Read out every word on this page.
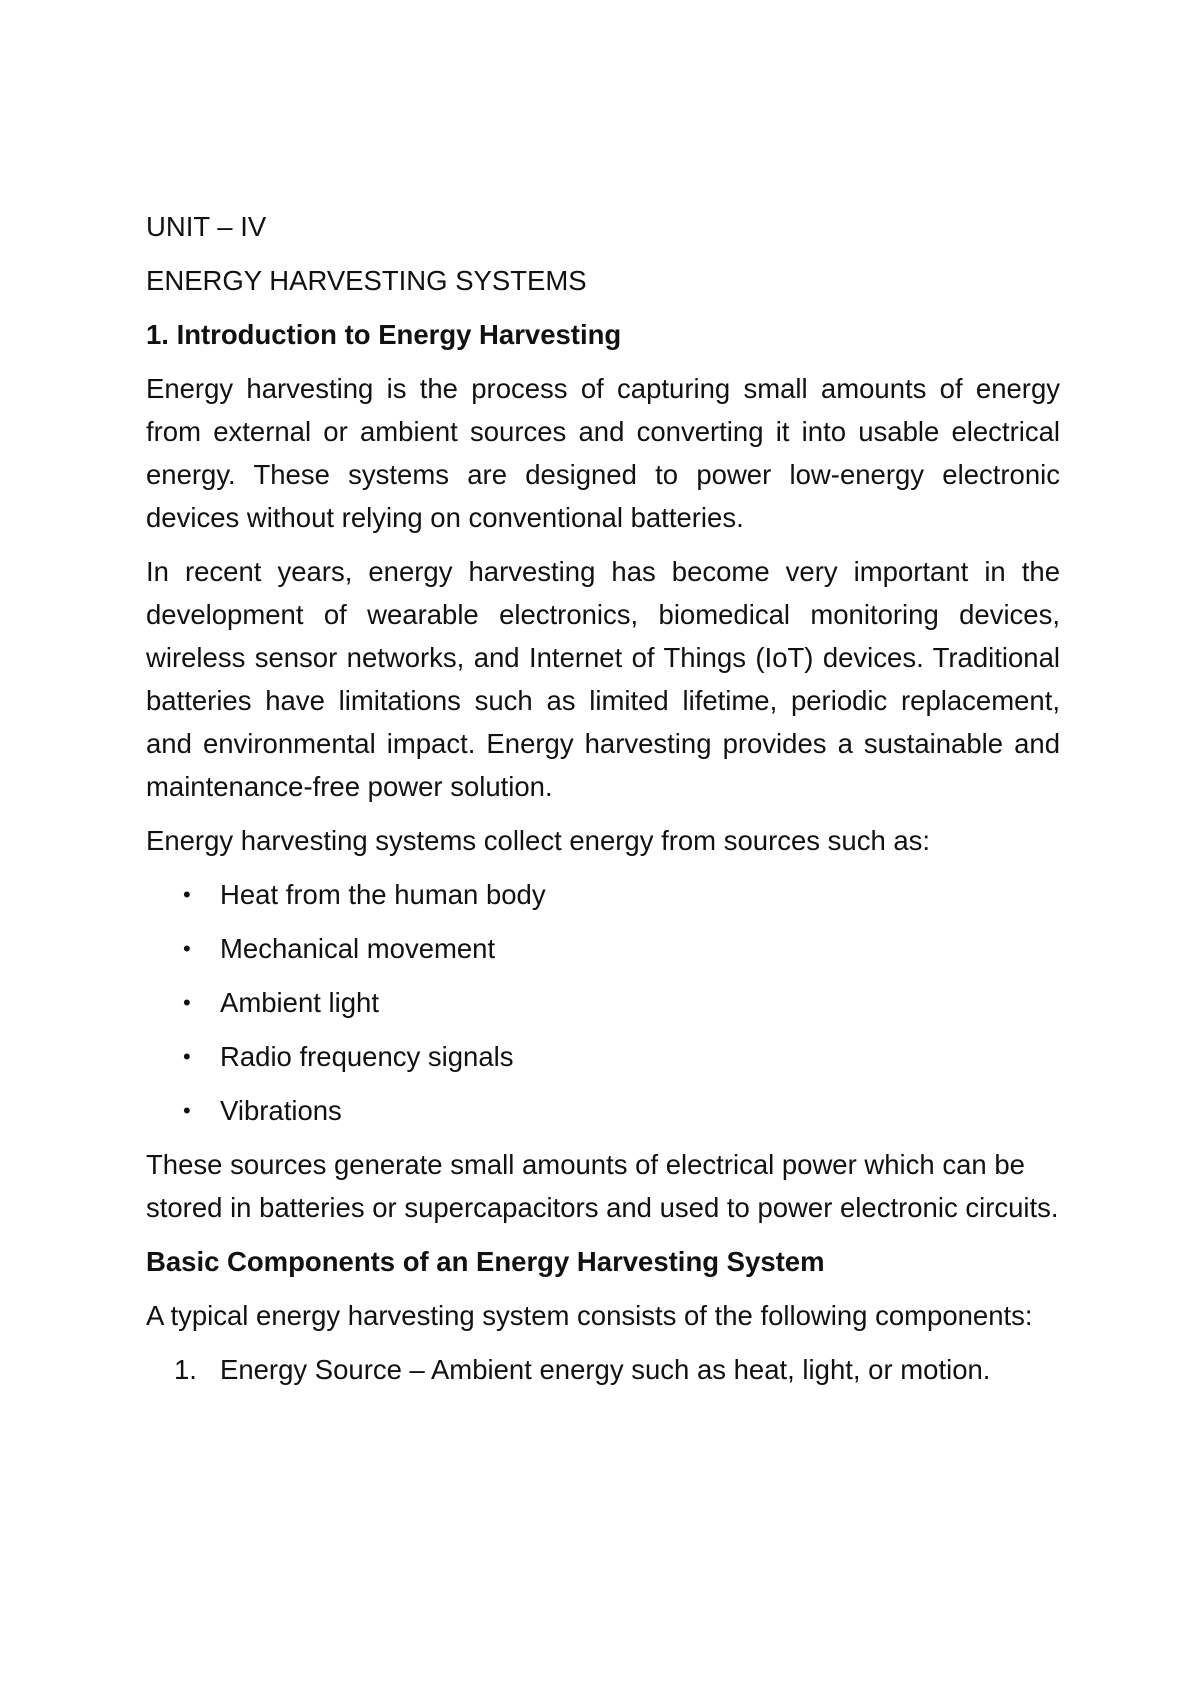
UNIT – IV
ENERGY HARVESTING SYSTEMS
1. Introduction to Energy Harvesting

Energy harvesting is the process of capturing small amounts of energy from external or ambient sources and converting it into usable electrical energy. These systems are designed to power low-energy electronic devices without relying on conventional batteries.

In recent years, energy harvesting has become very important in the development of wearable electronics, biomedical monitoring devices, wireless sensor networks, and Internet of Things (IoT) devices. Traditional batteries have limitations such as limited lifetime, periodic replacement, and environmental impact. Energy harvesting provides a sustainable and maintenance-free power solution.

Energy harvesting systems collect energy from sources such as:

• Heat from the human body
• Mechanical movement
• Ambient light
• Radio frequency signals
• Vibrations

These sources generate small amounts of electrical power which can be stored in batteries or supercapacitors and used to power electronic circuits.

Basic Components of an Energy Harvesting System

A typical energy harvesting system consists of the following components:

1. Energy Source – Ambient energy such as heat, light, or motion.
